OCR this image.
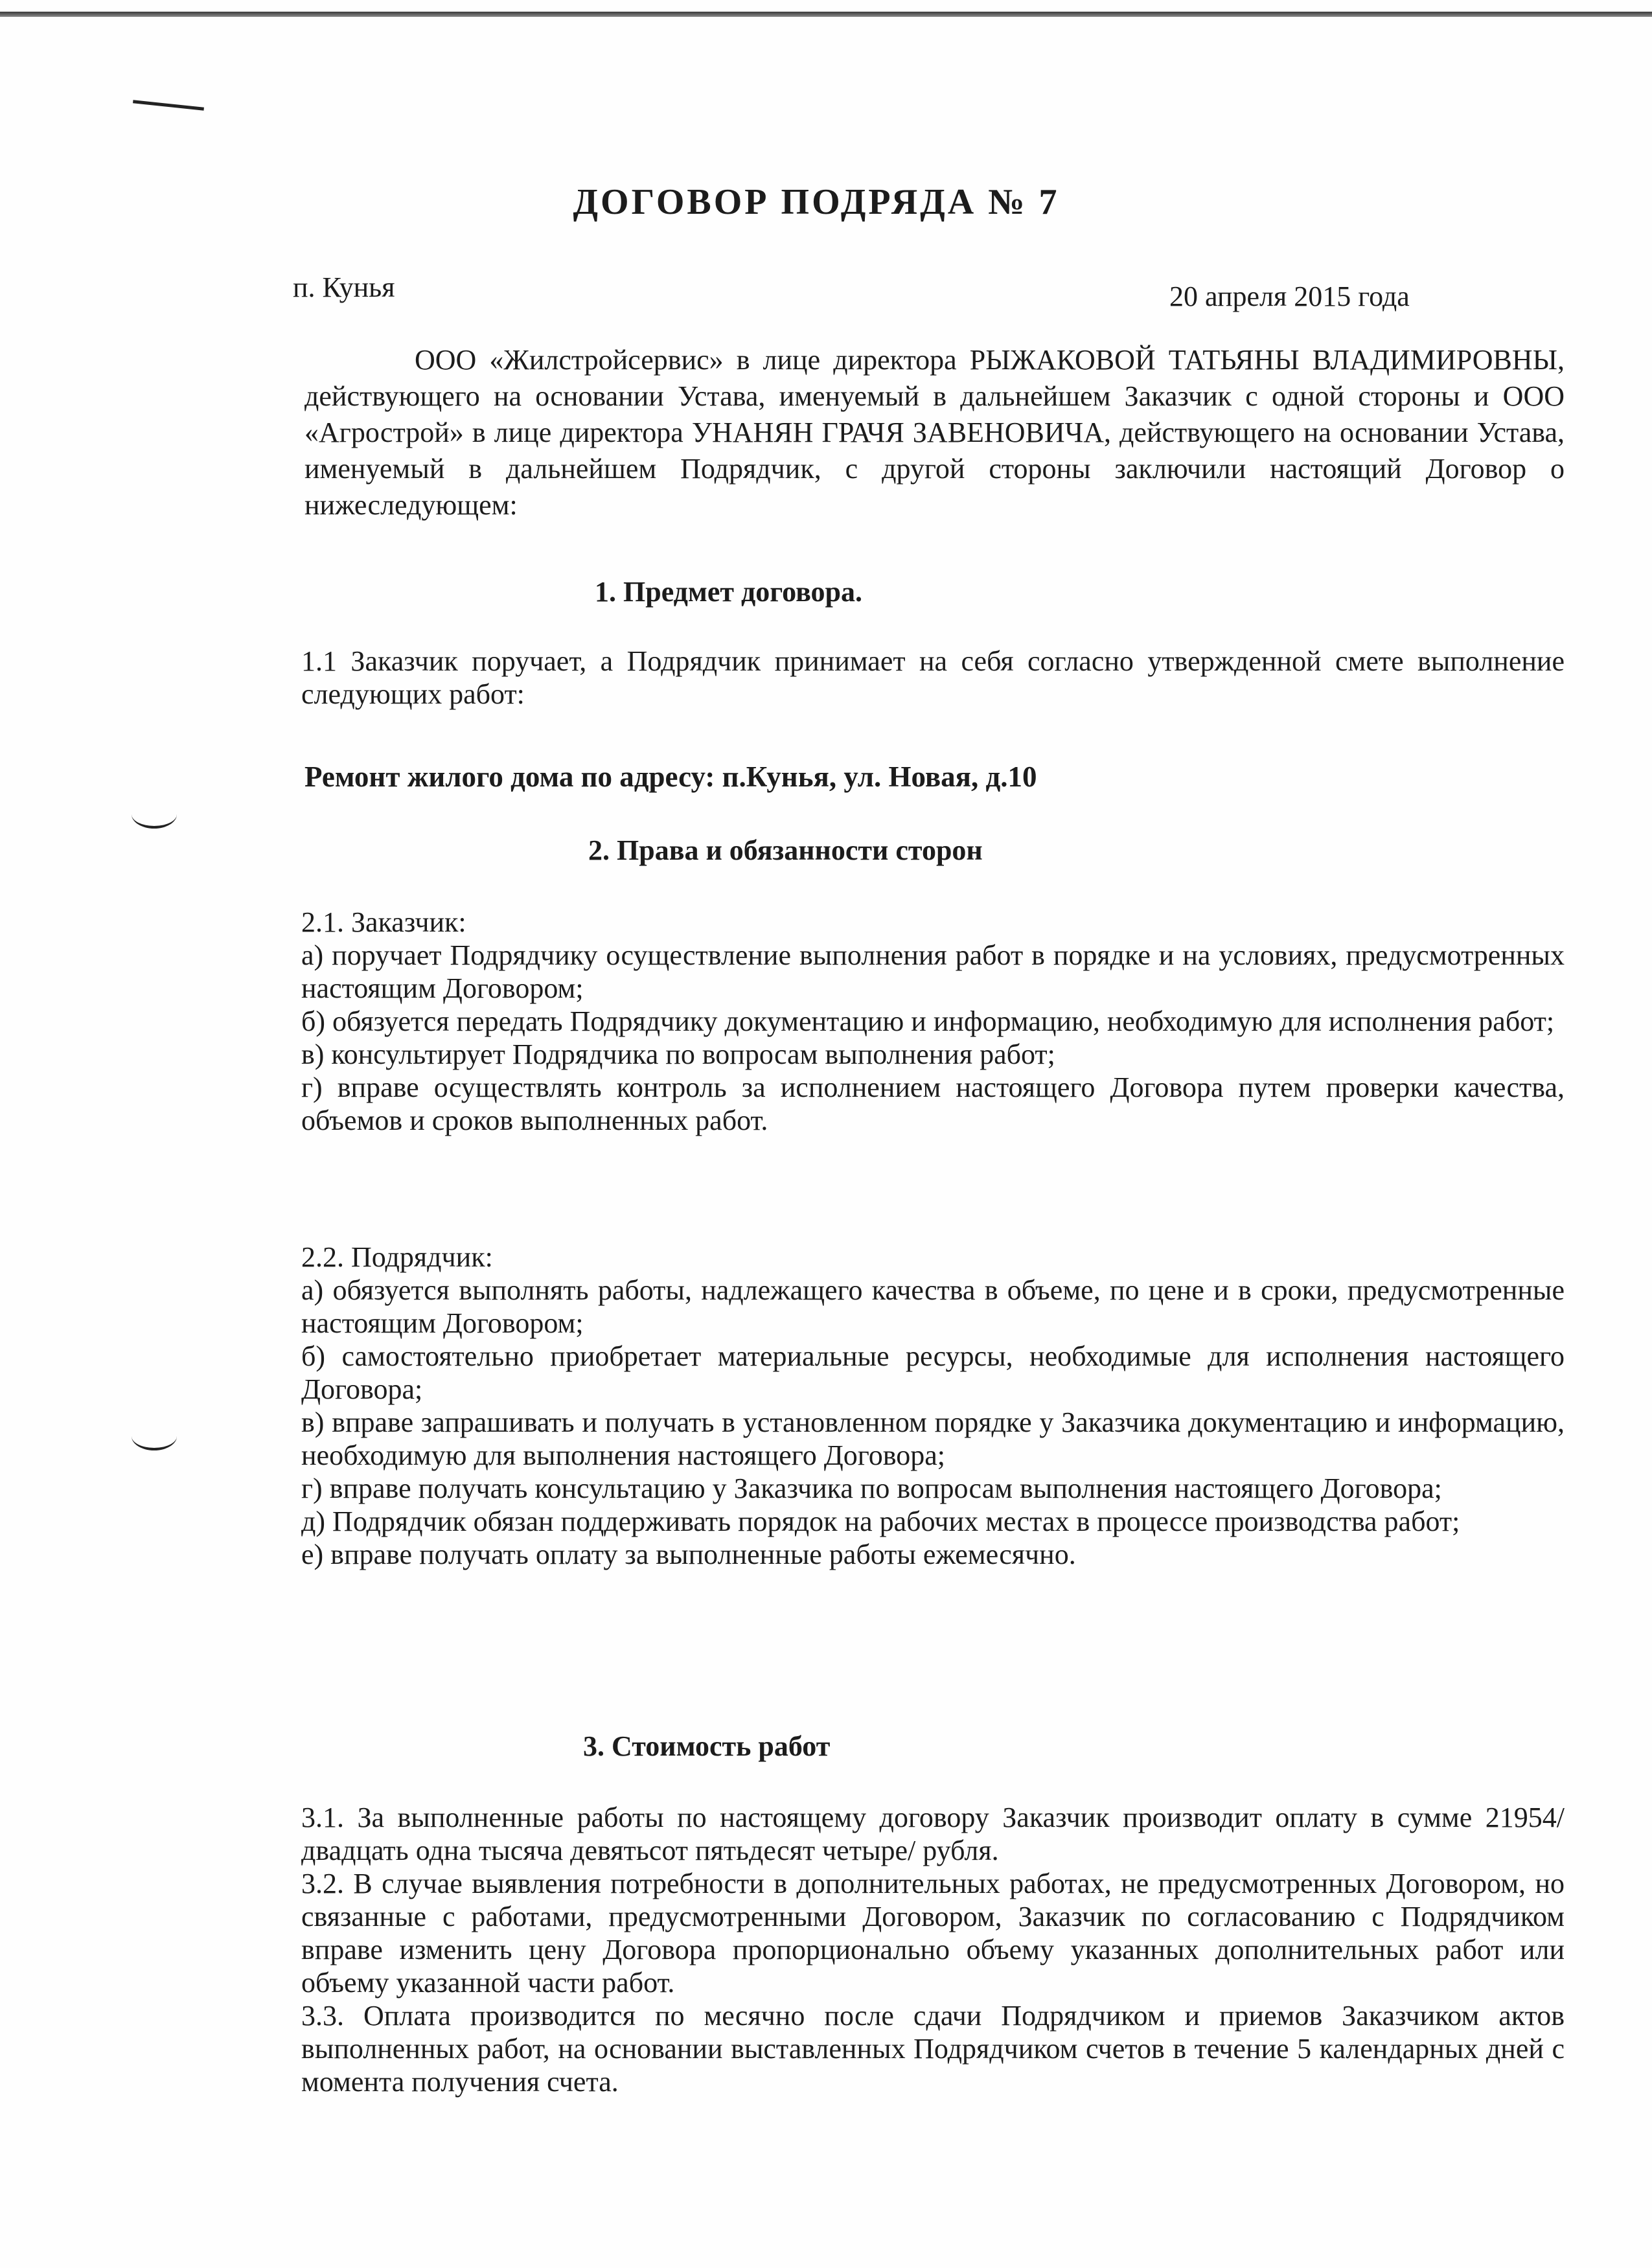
ДОГОВОР ПОДРЯДА № 7
п. Кунья	20 апреля 2015 года
ООО «Жилстройсервис» в лице директора РЫЖАКОВОЙ ТАТЬЯНЫ ВЛАДИМИРОВНЫ, действующего на основании Устава, именуемый в дальнейшем Заказчик с одной стороны и ООО «Агрострой» в лице директора УНАНЯН ГРАЧЯ ЗАВЕНОВИЧА, действующего на основании Устава, именуемый в дальнейшем Подрядчик, с другой стороны заключили настоящий Договор о нижеследующем:
1. Предмет договора.
1.1 Заказчик поручает, а Подрядчик принимает на себя согласно утвержденной смете выполнение следующих работ:
Ремонт жилого дома по адресу: п.Кунья, ул. Новая, д.10
2. Права и обязанности сторон

2.1. Заказчик:

а) поручает Подрядчику осуществление выполнения работ в порядке и на условиях, предусмотренных настоящим Договором;

б) обязуется передать Подрядчику документацию и информацию, необходимую для исполнения работ;

в) консультирует Подрядчика по вопросам выполнения работ;

г) вправе осуществлять контроль за исполнением настоящего Договора путем проверки качества, объемов и сроков выполненных работ.

2.2. Подрядчик:

а) обязуется выполнять работы, надлежащего качества в объеме, по цене и в сроки, предусмотренные настоящим Договором;

б) самостоятельно приобретает материальные ресурсы, необходимые для исполнения настоящего Договора;

в) вправе запрашивать и получать в установленном порядке у Заказчика документацию и информацию, необходимую для выполнения настоящего Договора;

г) вправе получать консультацию у Заказчика по вопросам выполнения настоящего Договора;

д) Подрядчик обязан поддерживать порядок на рабочих местах в процессе производства работ;

е) вправе получать оплату за выполненные работы ежемесячно.

3. Стоимость работ

3.1. За выполненные работы по настоящему договору Заказчик производит оплату в сумме 21954/ двадцать одна тысяча девятьсот пятьдесят четыре/ рубля.

3.2. В случае выявления потребности в дополнительных работах, не предусмотренных Договором, но связанные с работами, предусмотренными Договором, Заказчик по согласованию с Подрядчиком вправе изменить цену Договора пропорционально объему указанных дополнительных работ или объему указанной части работ.

3.3. Оплата производится по месячно после сдачи Подрядчиком и приемов Заказчиком актов выполненных работ, на основании выставленных Подрядчиком счетов в течение 5 календарных дней с момента получения счета.
